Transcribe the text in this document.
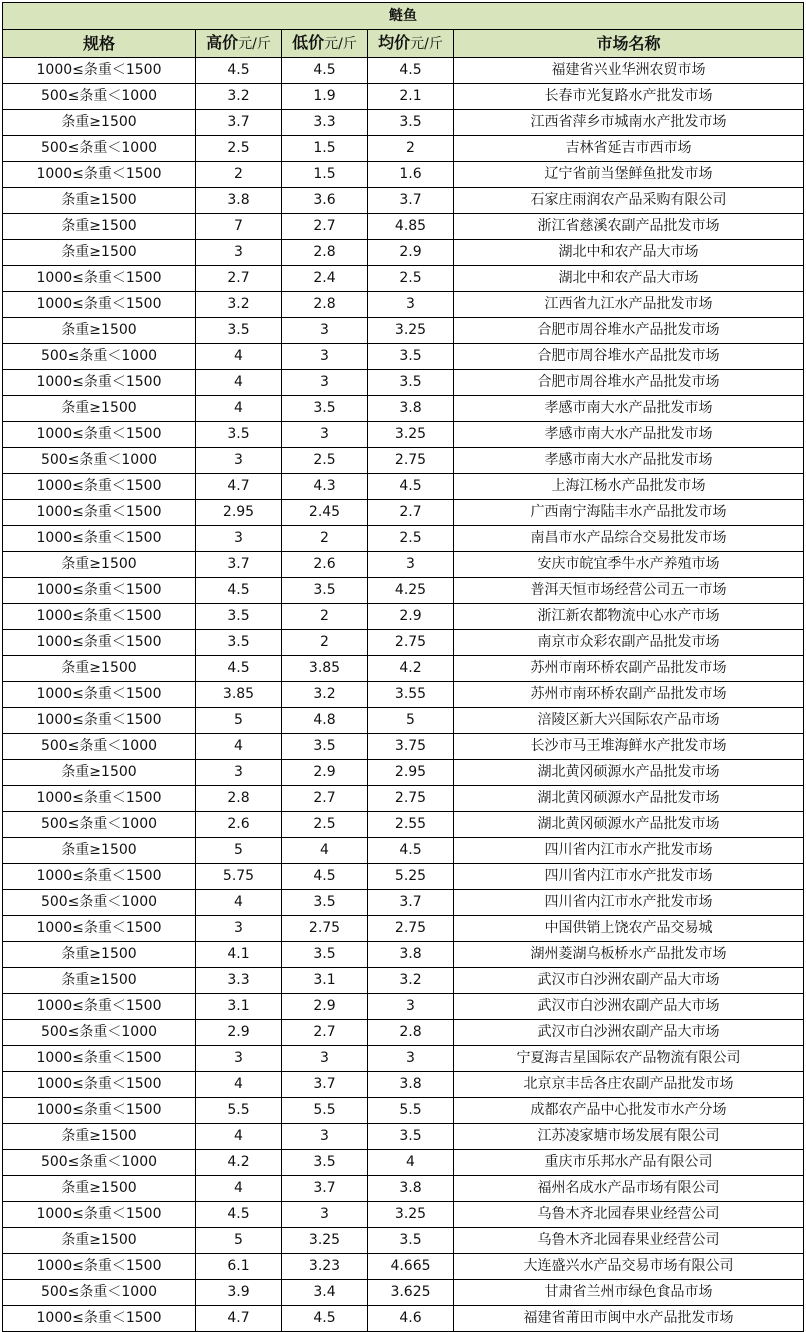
鲢鱼				
规格	高价元/斤	低价元/斤	均价元/斤	市场名称
1000≤条重＜1500	4.5	4.5	4.5	福建省兴业华洲农贸市场
500≤条重＜1000	3.2	1.9	2.1	长春市光复路水产批发市场
条重≥1500	3.7	3.3	3.5	江西省萍乡市城南水产批发市场
500≤条重＜1000	2.5	1.5	2	吉林省延吉市西市场
1000≤条重＜1500	2	1.5	1.6	辽宁省前当堡鲜鱼批发市场
条重≥1500	3.8	3.6	3.7	石家庄雨润农产品采购有限公司
条重≥1500	7	2.7	4.85	浙江省慈溪农副产品批发市场
条重≥1500	3	2.8	2.9	湖北中和农产品大市场
1000≤条重＜1500	2.7	2.4	2.5	湖北中和农产品大市场
1000≤条重＜1500	3.2	2.8	3	江西省九江水产品批发市场
条重≥1500	3.5	3	3.25	合肥市周谷堆水产品批发市场
500≤条重＜1000	4	3	3.5	合肥市周谷堆水产品批发市场
1000≤条重＜1500	4	3	3.5	合肥市周谷堆水产品批发市场
条重≥1500	4	3.5	3.8	孝感市南大水产品批发市场
1000≤条重＜1500	3.5	3	3.25	孝感市南大水产品批发市场
500≤条重＜1000	3	2.5	2.75	孝感市南大水产品批发市场
1000≤条重＜1500	4.7	4.3	4.5	上海江杨水产品批发市场
1000≤条重＜1500	2.95	2.45	2.7	广西南宁海陆丰水产品批发市场
1000≤条重＜1500	3	2	2.5	南昌市水产品综合交易批发市场
条重≥1500	3.7	2.6	3	安庆市皖宜季牛水产养殖市场
1000≤条重＜1500	4.5	3.5	4.25	普洱天恒市场经营公司五一市场
1000≤条重＜1500	3.5	2	2.9	浙江新农都物流中心水产市场
1000≤条重＜1500	3.5	2	2.75	南京市众彩农副产品批发市场
条重≥1500	4.5	3.85	4.2	苏州市南环桥农副产品批发市场
1000≤条重＜1500	3.85	3.2	3.55	苏州市南环桥农副产品批发市场
1000≤条重＜1500	5	4.8	5	涪陵区新大兴国际农产品市场
500≤条重＜1000	4	3.5	3.75	长沙市马王堆海鲜水产批发市场
条重≥1500	3	2.9	2.95	湖北黄冈硕源水产品批发市场
1000≤条重＜1500	2.8	2.7	2.75	湖北黄冈硕源水产品批发市场
500≤条重＜1000	2.6	2.5	2.55	湖北黄冈硕源水产品批发市场
条重≥1500	5	4	4.5	四川省内江市水产批发市场
1000≤条重＜1500	5.75	4.5	5.25	四川省内江市水产批发市场
500≤条重＜1000	4	3.5	3.7	四川省内江市水产批发市场
1000≤条重＜1500	3	2.75	2.75	中国供销上饶农产品交易城
条重≥1500	4.1	3.5	3.8	湖州菱湖乌板桥水产品批发市场
条重≥1500	3.3	3.1	3.2	武汉市白沙洲农副产品大市场
1000≤条重＜1500	3.1	2.9	3	武汉市白沙洲农副产品大市场
500≤条重＜1000	2.9	2.7	2.8	武汉市白沙洲农副产品大市场
1000≤条重＜1500	3	3	3	宁夏海吉星国际农产品物流有限公司
1000≤条重＜1500	4	3.7	3.8	北京京丰岳各庄农副产品批发市场
1000≤条重＜1500	5.5	5.5	5.5	成都农产品中心批发市水产分场
条重≥1500	4	3	3.5	江苏凌家塘市场发展有限公司
500≤条重＜1000	4.2	3.5	4	重庆市乐邦水产品有限公司
条重≥1500	4	3.7	3.8	福州名成水产品市场有限公司
1000≤条重＜1500	4.5	3	3.25	乌鲁木齐北园春果业经营公司
条重≥1500	5	3.25	3.5	乌鲁木齐北园春果业经营公司
1000≤条重＜1500	6.1	3.23	4.665	大连盛兴水产品交易市场有限公司
500≤条重＜1000	3.9	3.4	3.625	甘肃省兰州市绿色食品市场
1000≤条重＜1500	4.7	4.5	4.6	福建省莆田市闽中水产品批发市场
